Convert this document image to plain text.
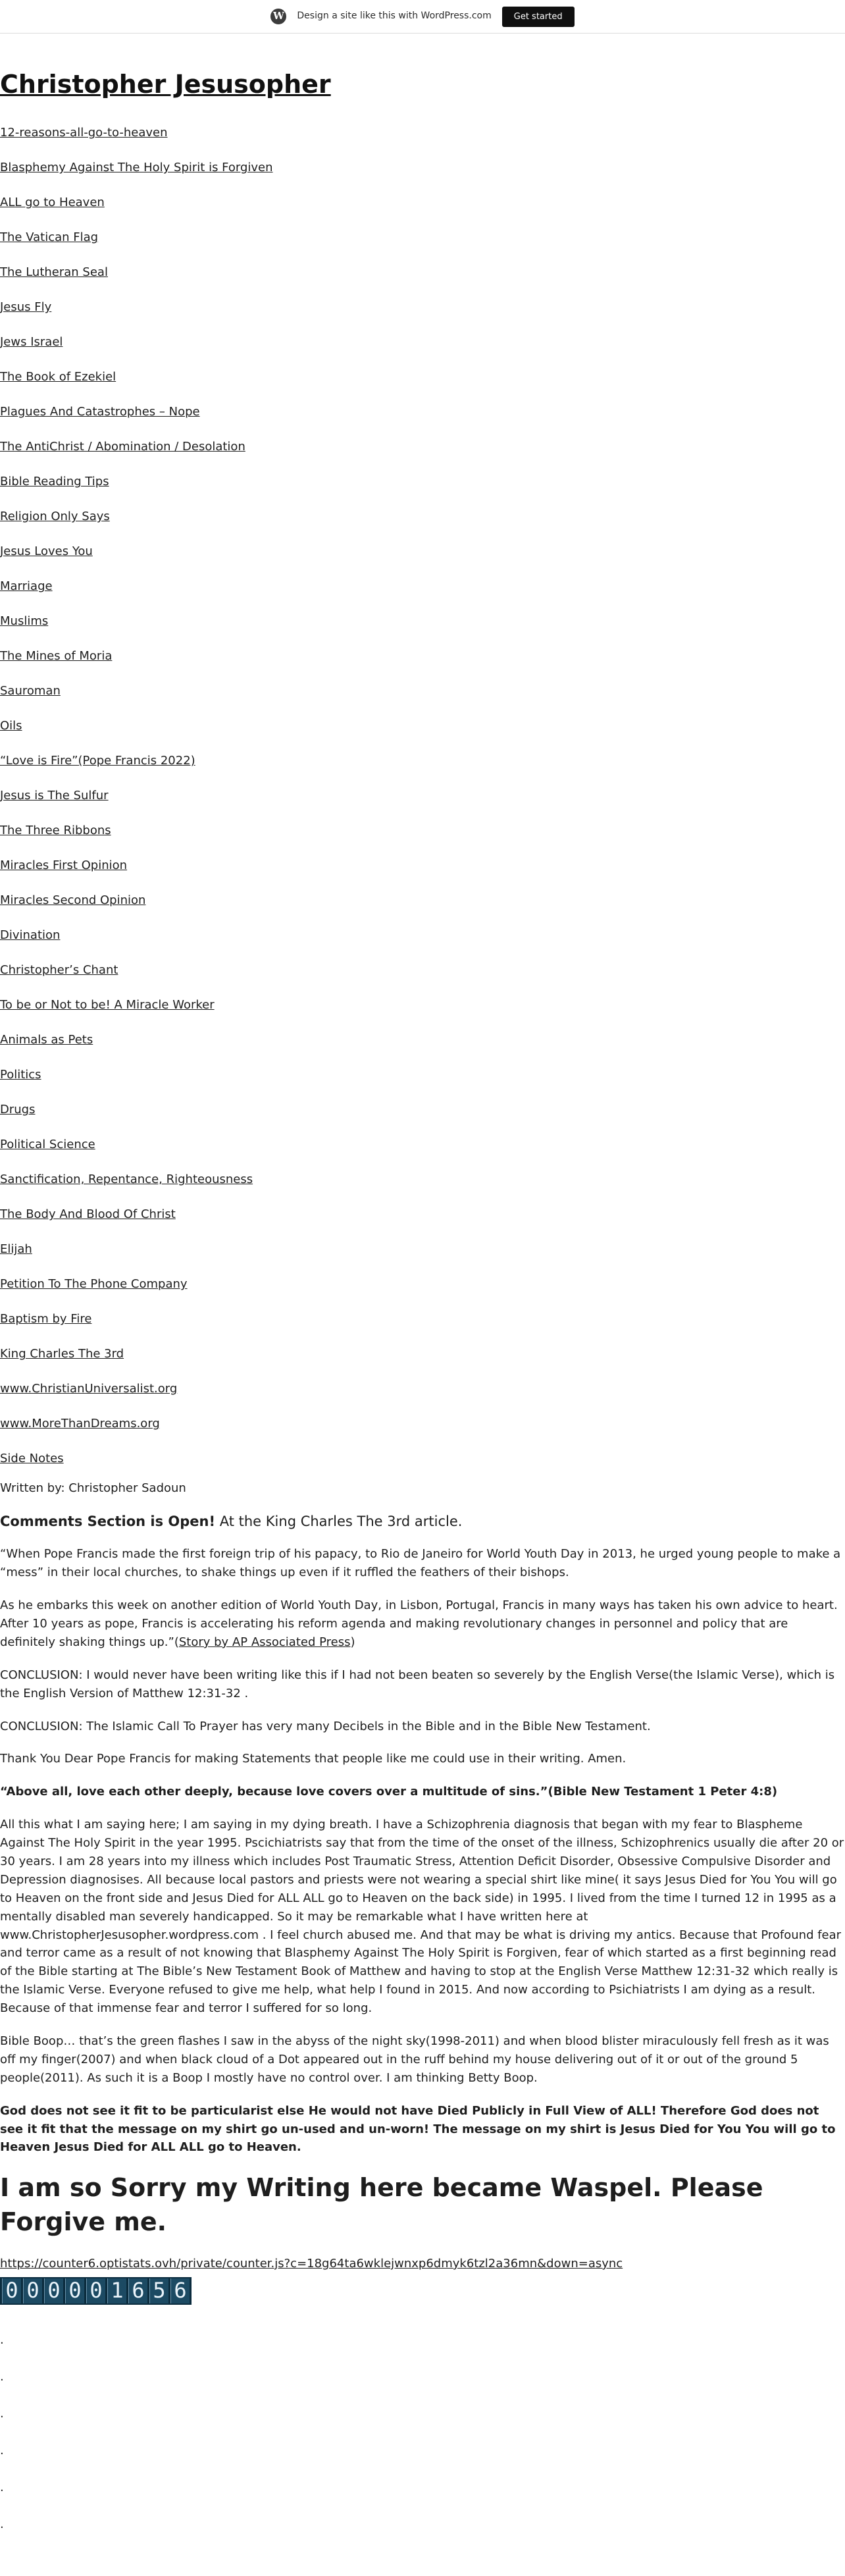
W Design a site like this with WordPress.com	Get started
Christopher Jesusopher
12-reasons-all-go-to-heaven
Blasphemy Against The Holy Spirit is Forgiven
ALL go to Heaven
The Vatican Flag
The Lutheran Seal
Jesus Fly
Jews Israel
The Book of Ezekiel
Plagues And Catastrophes – Nope
The AntiChrist / Abomination / Desolation
Bible Reading Tips
Religion Only Says
Jesus Loves You
Marriage
Muslims
The Mines of Moria
Sauroman
Oils
“Love is Fire”(Pope Francis 2022)
Jesus is The Sulfur
The Three Ribbons
Miracles First Opinion
Miracles Second Opinion
Divination
Christopher’s Chant
To be or Not to be! A Miracle Worker
Animals as Pets
Politics
Drugs
Political Science
Sanctification, Repentance, Righteousness
The Body And Blood Of Christ
Elijah
Petition To The Phone Company
Baptism by Fire
King Charles The 3rd
www.ChristianUniversalist.org
www.MoreThanDreams.org
Side Notes
Written by: Christopher Sadoun
Comments Section is Open! At the King Charles The 3rd article.

“When Pope Francis made the first foreign trip of his papacy, to Rio de Janeiro for World Youth Day in 2013, he urged young people to make a “mess” in their local churches, to shake things up even if it ruffled the feathers of their bishops.

As he embarks this week on another edition of World Youth Day, in Lisbon, Portugal, Francis in many ways has taken his own advice to heart. After 10 years as pope, Francis is accelerating his reform agenda and making revolutionary changes in personnel and policy that are definitely shaking things up.”(Story by AP Associated Press)

CONCLUSION: I would never have been writing like this if I had not been beaten so severely by the English Verse(the Islamic Verse), which is the English Version of Matthew 12:31-32 .

CONCLUSION: The Islamic Call To Prayer has very many Decibels in the Bible and in the Bible New Testament.

Thank You Dear Pope Francis for making Statements that people like me could use in their writing. Amen.

“Above all, love each other deeply, because love covers over a multitude of sins.”(Bible New Testament 1 Peter 4:8)

All this what I am saying here; I am saying in my dying breath. I have a Schizophrenia diagnosis that began with my fear to Blaspheme Against The Holy Spirit in the year 1995. Pscichiatrists say that from the time of the onset of the illness, Schizophrenics usually die after 20 or 30 years. I am 28 years into my illness which includes Post Traumatic Stress, Attention Deficit Disorder, Obsessive Compulsive Disorder and Depression diagnosises. All because local pastors and priests were not wearing a special shirt like mine( it says Jesus Died for You You will go to Heaven on the front side and Jesus Died for ALL ALL go to Heaven on the back side) in 1995. I lived from the time I turned 12 in 1995 as a mentally disabled man severely handicapped. So it may be remarkable what I have written here at www.ChristopherJesusopher.wordpress.com . I feel church abused me. And that may be what is driving my antics. Because that Profound fear and terror came as a result of not knowing that Blasphemy Against The Holy Spirit is Forgiven, fear of which started as a first beginning read of the Bible starting at The Bible’s New Testament Book of Matthew and having to stop at the English Verse Matthew 12:31-32 which really is the Islamic Verse. Everyone refused to give me help, what help I found in 2015. And now according to Psichiatrists I am dying as a result. Because of that immense fear and terror I suffered for so long.

Bible Boop… that’s the green flashes I saw in the abyss of the night sky(1998-2011) and when blood blister miraculously fell fresh as it was off my finger(2007) and when black cloud of a Dot appeared out in the ruff behind my house delivering out of it or out of the ground 5 people(2011). As such it is a Boop I mostly have no control over. I am thinking Betty Boop.

God does not see it fit to be particularist else He would not have Died Publicly in Full View of ALL! Therefore God does not see it fit that the message on my shirt go un-used and un-worn! The message on my shirt is Jesus Died for You You will go to Heaven Jesus Died for ALL ALL go to Heaven.

I am so Sorry my Writing here became Waspel. Please Forgive me.
https://counter6.optistats.ovh/private/counter.js?c=18g64ta6wklejwnxp6dmyk6tzl2a36mn&down=async
0 0 0 0 0 1 6 5 6
.
.
.
.
.
.
